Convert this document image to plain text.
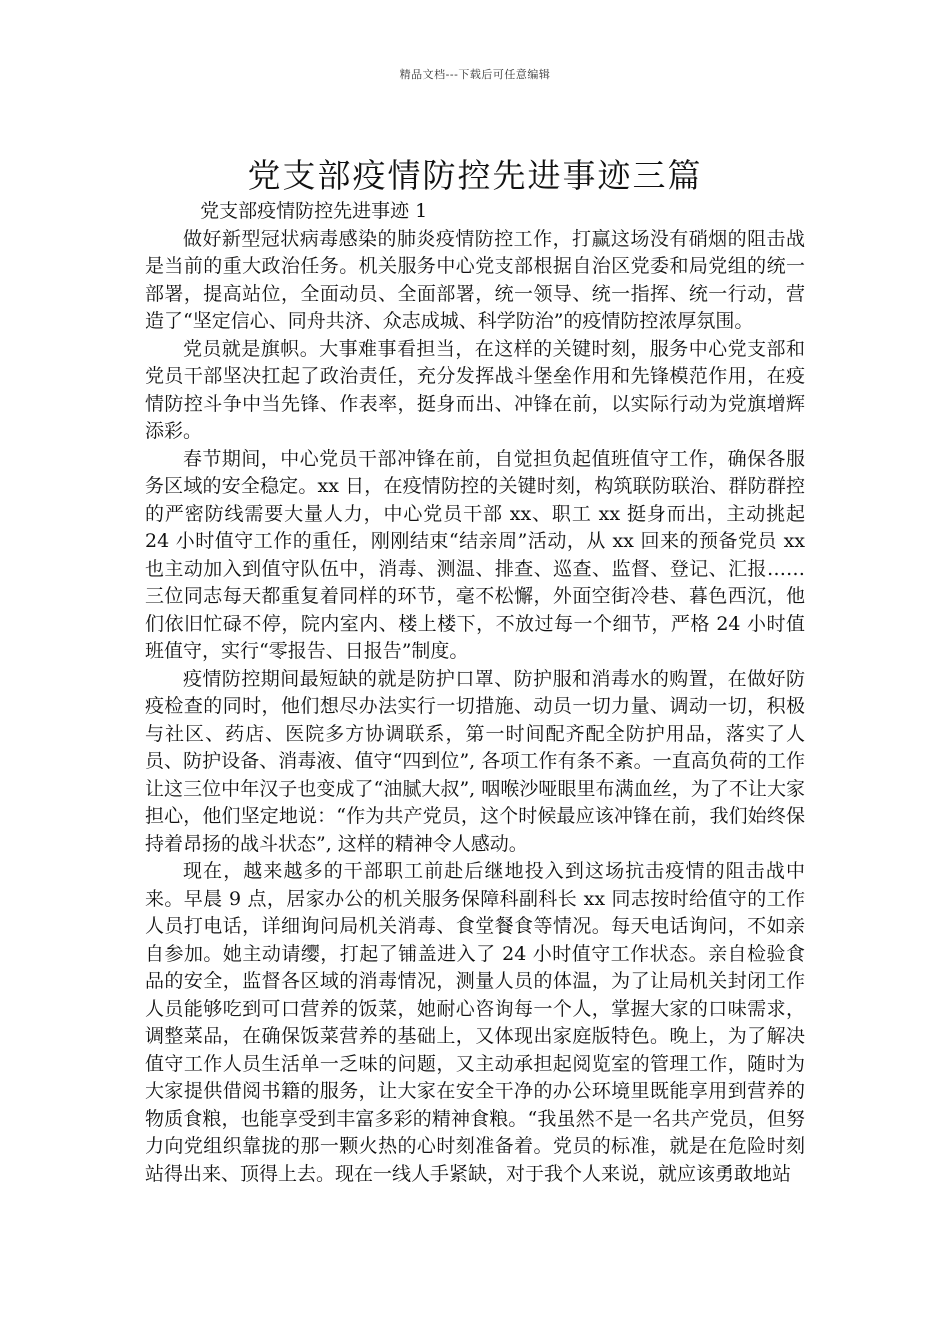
精品文档---下载后可任意编辑
党支部疫情防控先进事迹三篇

党支部疫情防控先进事迹 1

做好新型冠状病毒感染的肺炎疫情防控工作，打赢这场没有硝烟的阻击战是当前的重大政治任务。机关服务中心党支部根据自治区党委和局党组的统一部署，提高站位，全面动员、全面部署，统一领导、统一指挥、统一行动，营造了“坚定信心、同舟共济、众志成城、科学防治”的疫情防控浓厚氛围。

党员就是旗帜。大事难事看担当，在这样的关键时刻，服务中心党支部和党员干部坚决扛起了政治责任，充分发挥战斗堡垒作用和先锋模范作用，在疫情防控斗争中当先锋、作表率，挺身而出、冲锋在前，以实际行动为党旗增辉添彩。

春节期间，中心党员干部冲锋在前，自觉担负起值班值守工作，确保各服务区域的安全稳定。xx 日，在疫情防控的关键时刻，构筑联防联治、群防群控的严密防线需要大量人力，中心党员干部 xx、职工 xx 挺身而出，主动挑起 24 小时值守工作的重任，刚刚结束“结亲周”活动，从 xx 回来的预备党员 xx 也主动加入到值守队伍中，消毒、测温、排查、巡查、监督、登记、汇报……三位同志每天都重复着同样的环节，毫不松懈，外面空街冷巷、暮色西沉，他们依旧忙碌不停，院内室内、楼上楼下，不放过每一个细节，严格 24 小时值班值守，实行“零报告、日报告”制度。

疫情防控期间最短缺的就是防护口罩、防护服和消毒水的购置，在做好防疫检查的同时，他们想尽办法实行一切措施、动员一切力量、调动一切，积极与社区、药店、医院多方协调联系，第一时间配齐配全防护用品，落实了人员、防护设备、消毒液、值守“四到位”, 各项工作有条不紊。一直高负荷的工作让这三位中年汉子也变成了“油腻大叔”, 咽喉沙哑眼里布满血丝，为了不让大家担心，他们坚定地说：“作为共产党员，这个时候最应该冲锋在前，我们始终保持着昂扬的战斗状态”, 这样的精神令人感动。

现在，越来越多的干部职工前赴后继地投入到这场抗击疫情的阻击战中来。早晨 9 点，居家办公的机关服务保障科副科长 xx 同志按时给值守的工作人员打电话，详细询问局机关消毒、食堂餐食等情况。每天电话询问，不如亲自参加。她主动请缨，打起了铺盖进入了 24 小时值守工作状态。亲自检验食品的安全，监督各区域的消毒情况，测量人员的体温，为了让局机关封闭工作人员能够吃到可口营养的饭菜，她耐心咨询每一个人，掌握大家的口味需求，调整菜品，在确保饭菜营养的基础上，又体现出家庭版特色。晚上，为了解决值守工作人员生活单一乏味的问题，又主动承担起阅览室的管理工作，随时为大家提供借阅书籍的服务，让大家在安全干净的办公环境里既能享用到营养的物质食粮，也能享受到丰富多彩的精神食粮。“我虽然不是一名共产党员，但努力向党组织靠拢的那一颗火热的心时刻准备着。党员的标准，就是在危险时刻站得出来、顶得上去。现在一线人手紧缺，对于我个人来说，就应该勇敢地站
